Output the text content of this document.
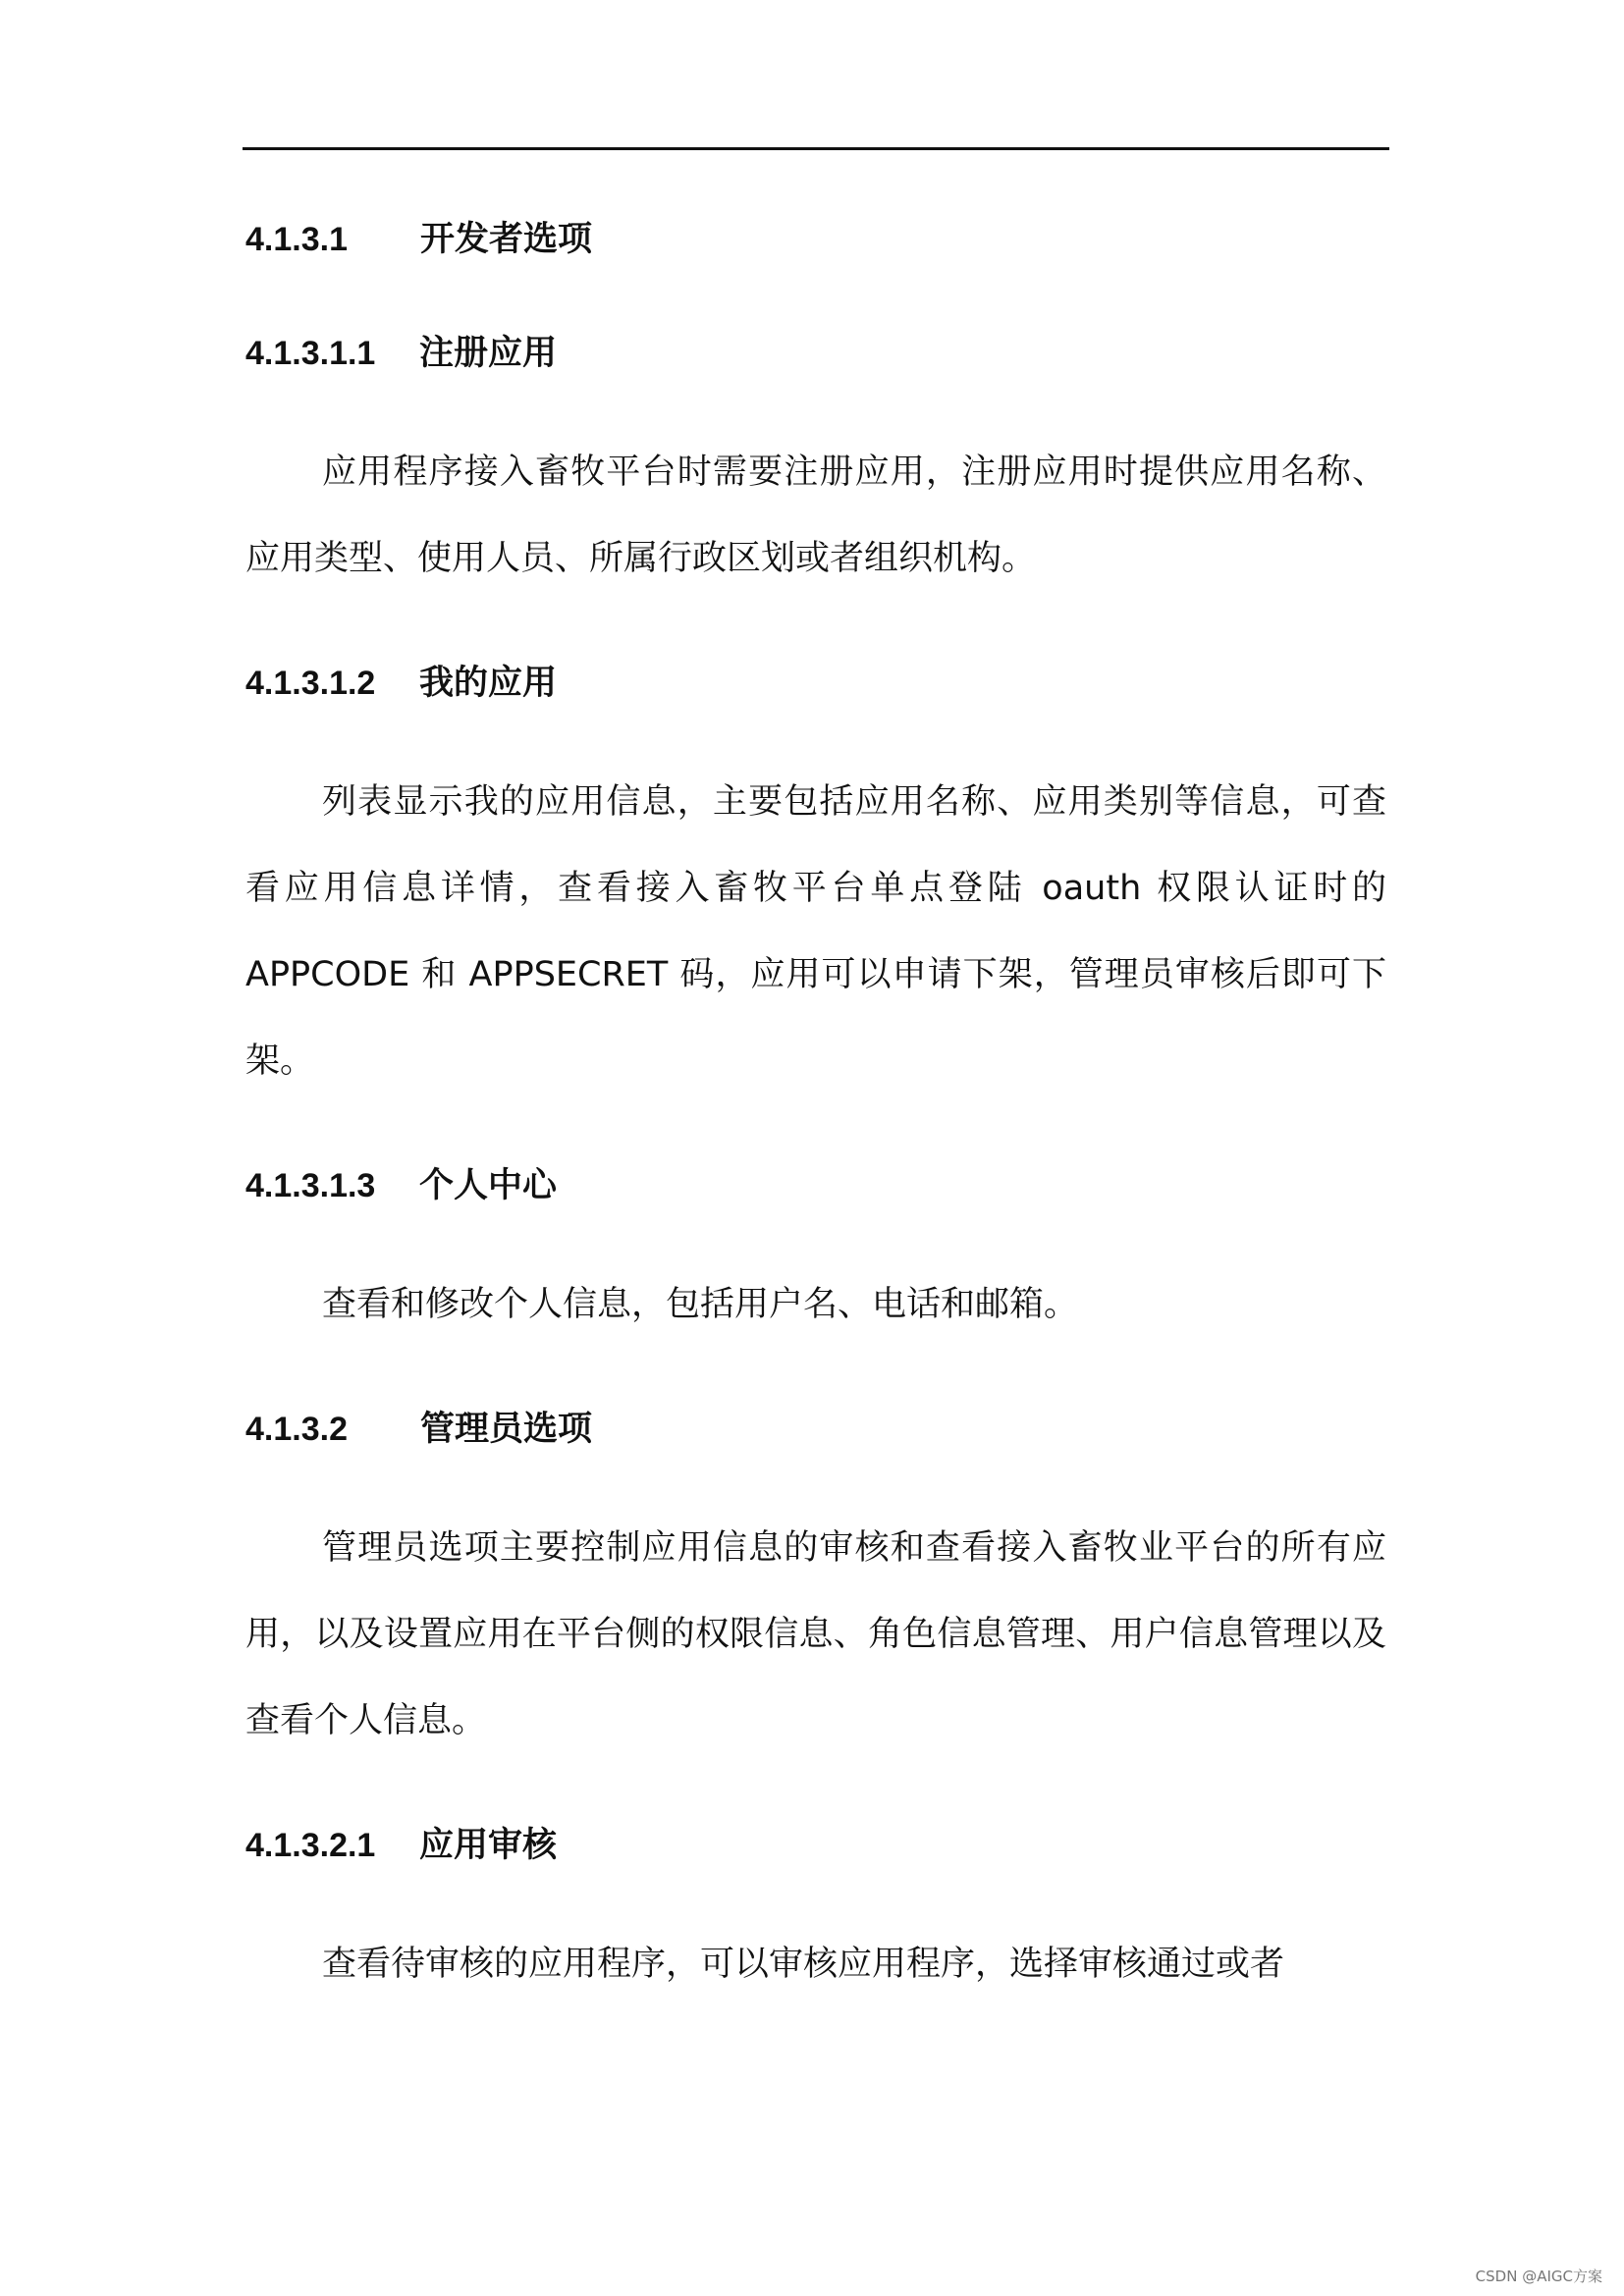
4.1.3.1	开发者选项
4.1.3.1.1	注册应用

应用程序接入畜牧平台时需要注册应用，注册应用时提供应用名称、应用类型、使用人员、所属行政区划或者组织机构。

4.1.3.1.2	我的应用

列表显示我的应用信息，主要包括应用名称、应用类别等信息，可查看应用信息详情，查看接入畜牧平台单点登陆 oauth 权限认证时的 APPCODE 和 APPSECRET 码，应用可以申请下架，管理员审核后即可下架。

4.1.3.1.3	个人中心

查看和修改个人信息，包括用户名、电话和邮箱。

4.1.3.2	管理员选项

管理员选项主要控制应用信息的审核和查看接入畜牧业平台的所有应用，以及设置应用在平台侧的权限信息、角色信息管理、用户信息管理以及查看个人信息。

4.1.3.2.1	应用审核

查看待审核的应用程序，可以审核应用程序，选择审核通过或者

CSDN @AIGC方案
